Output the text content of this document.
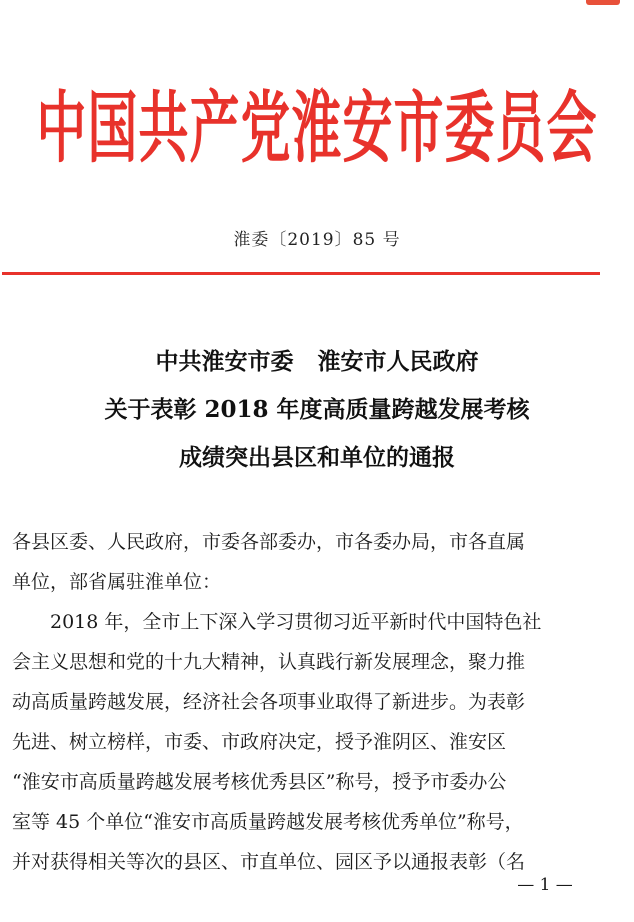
中国共产党淮安市委员会
淮委〔2019〕85 号
中共淮安市委 淮安市人民政府
关于表彰 2018 年度高质量跨越发展考核
成绩突出县区和单位的通报
各县区委、人民政府，市委各部委办，市各委办局，市各直属
单位，部省属驻淮单位：
2018 年，全市上下深入学习贯彻习近平新时代中国特色社
会主义思想和党的十九大精神，认真践行新发展理念，聚力推
动高质量跨越发展，经济社会各项事业取得了新进步。为表彰
先进、树立榜样，市委、市政府决定，授予淮阴区、淮安区
“淮安市高质量跨越发展考核优秀县区”称号，授予市委办公
室等 45 个单位“淮安市高质量跨越发展考核优秀单位”称号，
并对获得相关等次的县区、市直单位、园区予以通报表彰（名
— 1 —
